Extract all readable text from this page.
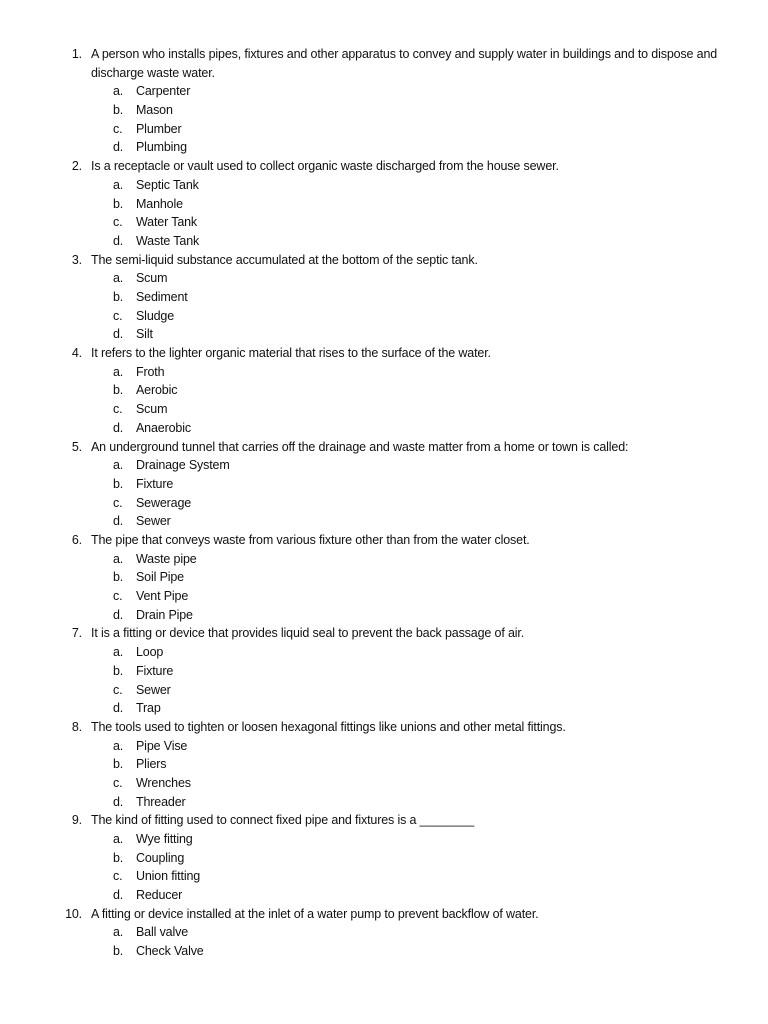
1. A person who installs pipes, fixtures and other apparatus to convey and supply water in buildings and to dispose and discharge waste water.
a. Carpenter
b. Mason
c. Plumber
d. Plumbing
2. Is a receptacle or vault used to collect organic waste discharged from the house sewer.
a. Septic Tank
b. Manhole
c. Water Tank
d. Waste Tank
3. The semi-liquid substance accumulated at the bottom of the septic tank.
a. Scum
b. Sediment
c. Sludge
d. Silt
4. It refers to the lighter organic material that rises to the surface of the water.
a. Froth
b. Aerobic
c. Scum
d. Anaerobic
5. An underground tunnel that carries off the drainage and waste matter from a home or town is called:
a. Drainage System
b. Fixture
c. Sewerage
d. Sewer
6. The pipe that conveys waste from various fixture other than from the water closet.
a. Waste pipe
b. Soil Pipe
c. Vent Pipe
d. Drain Pipe
7. It is a fitting or device that provides liquid seal to prevent the back passage of air.
a. Loop
b. Fixture
c. Sewer
d. Trap
8. The tools used to tighten or loosen hexagonal fittings like unions and other metal fittings.
a. Pipe Vise
b. Pliers
c. Wrenches
d. Threader
9. The kind of fitting used to connect fixed pipe and fixtures is a ________
a. Wye fitting
b. Coupling
c. Union fitting
d. Reducer
10. A fitting or device installed at the inlet of a water pump to prevent backflow of water.
a. Ball valve
b. Check Valve
